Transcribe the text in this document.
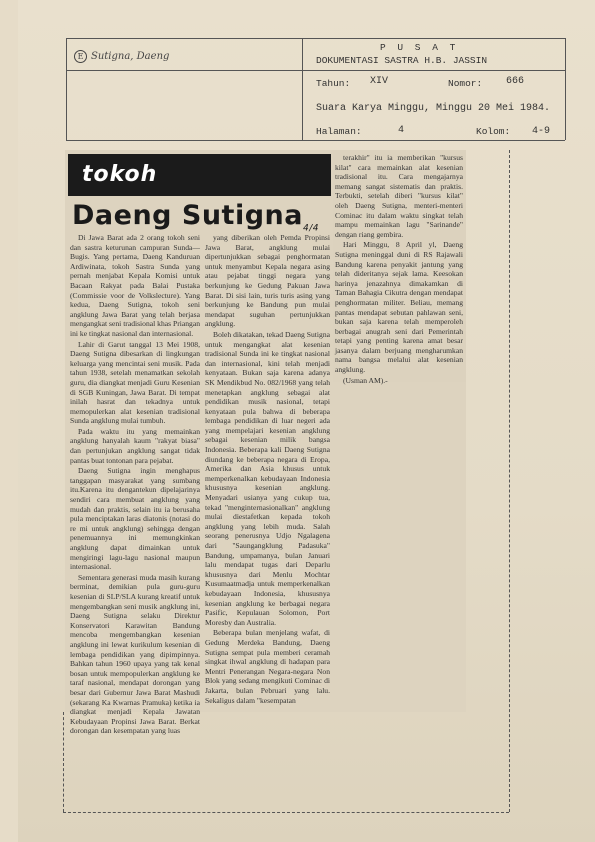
E Sutigna, Daeng
P U S A T
DOKUMENTASI SASTRA H.B. JASSIN
Tahun: XIV	Nomor: 666
Suara Karya Minggu, Minggu 20 Mei 1984.
Halaman:	4	Kolom: 4-9
tokoh
Daeng Sutigna$_{4/4}$

Di Jawa Barat ada 2 orang tokoh seni dan sastra keturunan campuran Sunda—Bugis. Yang pertama, Daeng Kanduruan Ardiwinata, tokoh Sastra Sunda yang pernah menjabat Kepala Komisi untuk Bacaan Rakyat pada Balai Pustaka (Commissie voor de Volkslecture). Yang kedua, Daeng Sutigna, tokoh seni angklung Jawa Barat yang telah berjasa mengangkat seni tradisional khas Priangan ini ke tingkat nasional dan internasional.

Lahir di Garut tanggal 13 Mei 1908, Daeng Sutigna dibesarkan di lingkungan keluarga yang mencintai seni musik. Pada tahun 1938, setelah menamatkan sekolah guru, dia diangkat menjadi Guru Kesenian di SGB Kuningan, Jawa Barat. Di tempat inilah hasrat dan tekadnya untuk memopulerkan alat kesenian tradisional Sunda angklung mulai tumbuh.

Pada waktu itu yang memainkan angklung hanyalah kaum "rakyat biasa" dan pertunjukan angklung sangat tidak pantas buat tontonan para pejabat.

Daeng Sutigna ingin menghapus tanggapan masyarakat yang sumbang itu.Karena itu dengantekun dipelajarinya sendiri cara membuat angklung yang mudah dan praktis, selain itu ia berusaha pula menciptakan laras diatonis (notasi do re mi untuk angklung) sehingga dengan penemuannya ini memungkinkan angklung dapat dimainkan untuk mengiringi lagu-lagu nasional maupun internasional.

Sementara generasi muda masih kurang berminat, demikian pula guru-guru kesenian di SLP/SLA kurang kreatif untuk mengembangkan seni musik angklung ini, Daeng Sutigna selaku Direktur Konservatori Karawitan Bandung mencoba mengembangkan kesenian angklung ini lewat kurikulum kesenian di lembaga pendidikan yang dipimpinnya. Bahkan tahun 1960 upaya yang tak kenal bosan untuk mempopulerkan angklung ke taraf nasional, mendapat dorongan yang besar dari Gubernur Jawa Barat Mashudi (sekarang Ka Kwarnas Pramuka) ketika ia diangkat menjadi Kepala Jawatan Kebudayaan Propinsi Jawa Barat. Berkat dorongan dan kesempatan yang luas

yang diberikan oleh Pemda Propinsi Jawa Barat, angklung mulai dipertunjukkan sebagai penghormatan untuk menyambut Kepala negara asing atau pejabat tinggi negara yang berkunjung ke Gedung Pakuan Jawa Barat. Di sisi lain, turis turis asing yang berkunjung ke Bandung pun mulai mendapat suguhan pertunjukkan angklung.

Boleh dikatakan, tekad Daeng Sutigna untuk mengangkat alat kesenian tradisional Sunda ini ke tingkat nasional dan internasional, kini telah menjadi kenyataan. Bukan saja karena adanya SK Mendikbud No. 082/1968 yang telah menetapkan angklung sebagai alat pendidikan musik nasional, tetapi kenyataan pula bahwa di beberapa lembaga pendidikan di luar negeri ada yang mempelajari kesenian angklung sebagai kesenian milik bangsa Indonesia. Beberapa kali Daeng Sutigna diundang ke beberapa negara di Eropa, Amerika dan Asia khusus untuk memperkenalkan kebudayaan Indonesia khususnya kesenian angklung. Menyadari usianya yang cukup tua, tekad "menginternasionalkan" angklung mulai diestafetkan kepada tokoh angklung yang lebih muda. Salah seorang penerusnya Udjo Ngalagena dari "Saungangklung Padasuka" Bandung, umpamanya, bulan Januari lalu mendapat tugas dari Deparlu khususnya dari Menlu Mochtar Kusumaatmadja untuk memperkenalkan kebudayaan Indonesia, khususnya kesenian angklung ke berbagai negara Pasific, Kepulauan Solomon, Port Moresby dan Australia.

Beberapa bulan menjelang wafat, di Gedung Merdeka Bandung, Daeng Sutigna sempat pula memberi ceramah singkat ihwal angklung di hadapan para Mentri Penerangan Negara-negara Non Blok yang sedang mengikuti Cominac di Jakarta, bulan Pebruari yang lalu. Sekaligus dalam "kesempatan

terakhir" itu ia memberikan "kursus kilat" cara memainkan alat kesenian tradisional itu. Cara mengajarnya memang sangat sistematis dan praktis. Terbukti, setelah diberi "kursus kilat" oleh Daeng Sutigna, menteri-menteri Cominac itu dalam waktu singkat telah mampu memainkan lagu "Sarinande" dengan riang gembira.

Hari Minggu, 8 April yl, Daeng Sutigna meninggal duni di RS Rajawali Bandung karena penyakit jantung yang telah dideritanya sejak lama. Keesokan harinya jenazahnya dimakamkan di Taman Bahagia Cikutra dengan mendapat penghormatan militer. Beliau, memang pantas mendapat sebutan pahlawan seni, bukan saja karena telah memperoleh berbagai anugrah seni dari Pemerintah tetapi yang penting karena amat besar jasanya dalam berjuang mengharumkan nama bangsa melalui alat kesenian angklung.

(Usman AM).-
